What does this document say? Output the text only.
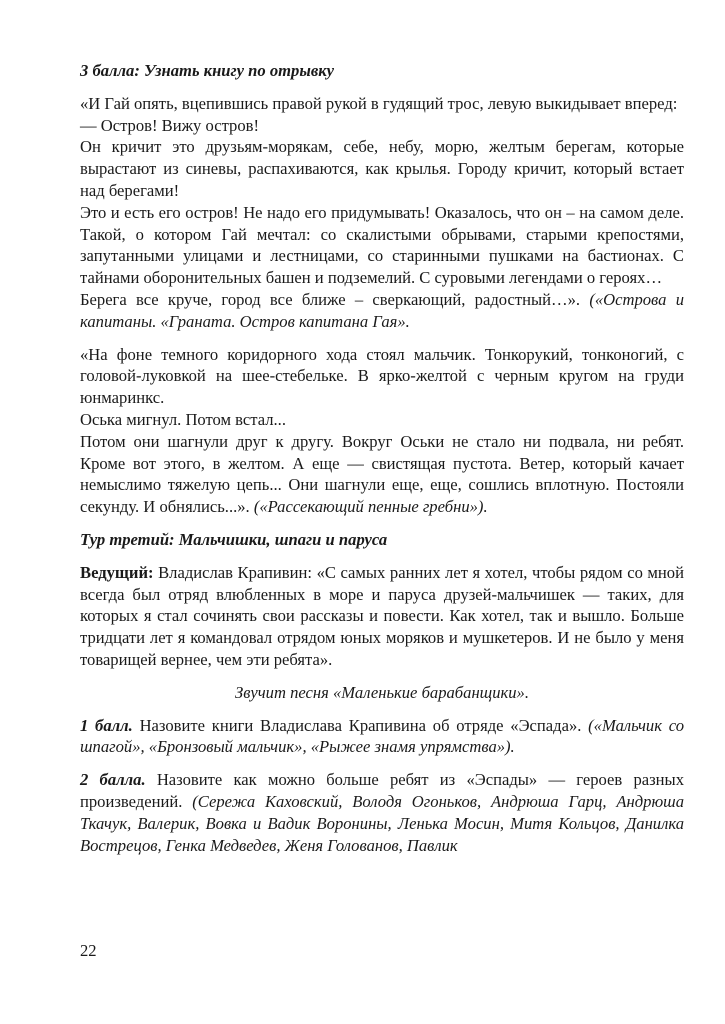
3 балла: Узнать книгу по отрывку

«И Гай опять, вцепившись правой рукой в гудящий трос, левую выкидывает вперед:

— Остров! Вижу остров!

Он кричит это друзьям-морякам, себе, небу, морю, желтым берегам, которые вырастают из синевы, распахиваются, как крылья. Городу кричит, который встает над берегами!

Это и есть его остров! Не надо его придумывать! Оказалось, что он – на самом деле. Такой, о котором Гай мечтал: со скалистыми обрывами, старыми крепостями, запутанными улицами и лестницами, со старинными пушками на бастионах. С тайнами оборонительных башен и подземелий. С суровыми легендами о героях…

Берега все круче, город все ближе – сверкающий, радостный…». («Острова и капитаны. «Граната. Остров капитана Гая».

«На фоне темного коридорного хода стоял мальчик. Тонкорукий, тонконогий, с головой-луковкой на шее-стебельке. В ярко-желтой с черным кругом на груди юнмаринкс.

Оська мигнул. Потом встал...

Потом они шагнули друг к другу. Вокруг Оськи не стало ни подвала, ни ребят. Кроме вот этого, в желтом. А еще — свистящая пустота. Ветер, который качает немыслимо тяжелую цепь... Они шагнули еще, еще, сошлись вплотную. Постояли секунду. И обнялись...». («Рассекающий пенные гребни»).

Тур третий: Мальчишки, шпаги и паруса

Ведущий: Владислав Крапивин: «С самых ранних лет я хотел, чтобы рядом со мной всегда был отряд влюбленных в море и паруса друзей-мальчишек — таких, для которых я стал сочинять свои рассказы и повести. Как хотел, так и вышло. Больше тридцати лет я командовал отрядом юных моряков и мушкетеров. И не было у меня товарищей вернее, чем эти ребята».

Звучит песня «Маленькие барабанщики».

1 балл. Назовите книги Владислава Крапивина об отряде «Эспада». («Мальчик со шпагой», «Бронзовый мальчик», «Рыжее знамя упрямства»).

2 балла. Назовите как можно больше ребят из «Эспады» — героев разных произведений. (Сережа Каховский, Володя Огоньков, Андрюша Гарц, Андрюша Ткачук, Валерик, Вовка и Вадик Воронины, Ленька Мосин, Митя Кольцов, Данилка Вострецов, Генка Медведев, Женя Голованов, Павлик

22
